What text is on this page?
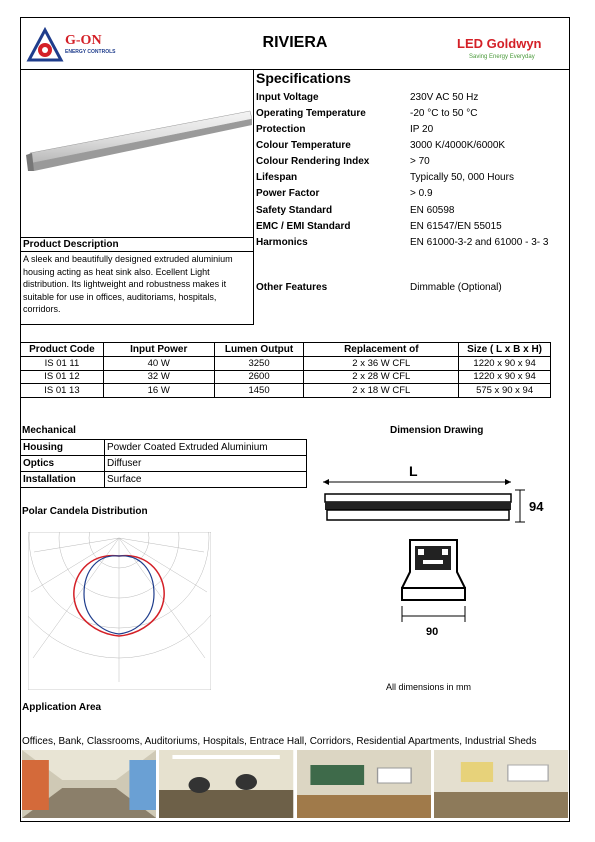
G-ON
ENERGY CONTROLS
RIVIERA	LED Goldwyn
Saving Energy Everyday
Product Description
A sleek and beautifully designed extruded aluminium housing acting as heat sink also. Ecellent Light distribution. Its lightweight and robustness makes it suitable for use in offices, auditoriams, hospitals, corridors.
Specifications
Input Voltage	230V AC 50 Hz
Operating Temperature	-20 °C to 50 °C
Protection	IP 20
Colour Temperature	3000 K/4000K/6000K
Colour Rendering Index	> 70
Lifespan	Typically 50, 000 Hours
Power Factor	> 0.9
Safety Standard	EN 60598
EMC / EMI Standard	EN 61547/EN 55015
Harmonics	EN 61000-3-2 and 61000 - 3- 3
Other Features	Dimmable (Optional)
Product Code	Input Power	Lumen Output	Replacement of	Size ( L x B x H)
IS 01 11	40 W	3250	2 x 36 W CFL	1220 x 90 x 94
IS 01 12	32 W	2600	2 x 28 W CFL	1220 x 90 x 94
IS 01 13	16 W	1450	2 x 18 W CFL	575 x 90 x 94
Mechanical
Housing	Powder Coated Extruded Aluminium
Optics	Diffuser
Installation	Surface
Dimension Drawing
L
94
90
All dimensions in mm
Polar Candela Distribution
Application Area
Offices, Bank, Classrooms, Auditoriums, Hospitals, Entrace Hall, Corridors, Residential Apartments, Industrial Sheds
